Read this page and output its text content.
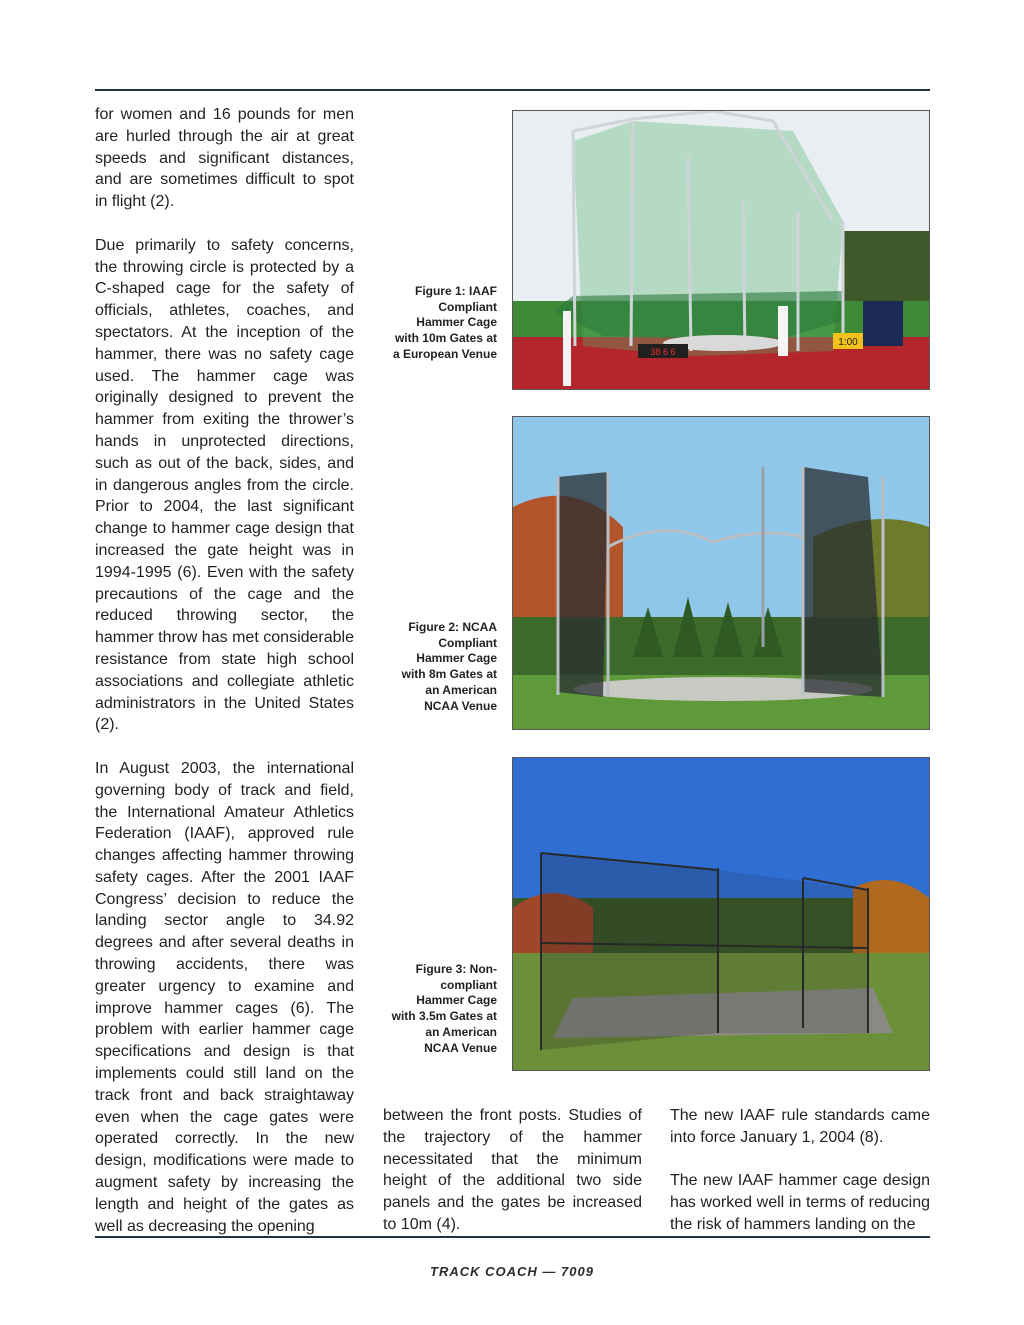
for women and 16 pounds for men are hurled through the air at great speeds and significant distances, and are sometimes difficult to spot in flight (2).

Due primarily to safety concerns, the throwing circle is protected by a C-shaped cage for the safety of officials, athletes, coaches, and spectators. At the inception of the hammer, there was no safety cage used. The hammer cage was originally designed to prevent the hammer from exiting the thrower’s hands in unprotected directions, such as out of the back, sides, and in dangerous angles from the circle. Prior to 2004, the last significant change to hammer cage design that increased the gate height was in 1994-1995 (6). Even with the safety precautions of the cage and the reduced throwing sector, the hammer throw has met considerable resistance from state high school associations and collegiate athletic administrators in the United States (2).

In August 2003, the international governing body of track and field, the International Amateur Athletics Federation (IAAF), approved rule changes affecting hammer throwing safety cages. After the 2001 IAAF Congress’ decision to reduce the landing sector angle to 34.92 degrees and after several deaths in throwing accidents, there was greater urgency to examine and improve hammer cages (6). The problem with earlier hammer cage specifications and design is that implements could still land on the track front and back straightaway even when the cage gates were operated correctly. In the new design, modifications were made to augment safety by increasing the length and height of the gates as well as decreasing the opening

Figure 1: IAAF Compliant Hammer Cage with 10m Gates at a European Venue
Figure 2: NCAA Compliant Hammer Cage with 8m Gates at an American NCAA Venue
Figure 3: Non-compliant Hammer Cage with 3.5m Gates at an American NCAA Venue
1:00
38 6 6

between the front posts. Studies of the trajectory of the hammer necessitated that the minimum height of the additional two side panels and the gates be increased to 10m (4).

The new IAAF rule standards came into force January 1, 2004 (8).

The new IAAF hammer cage design has worked well in terms of reducing the risk of hammers landing on the

TRACK COACH — 7009
